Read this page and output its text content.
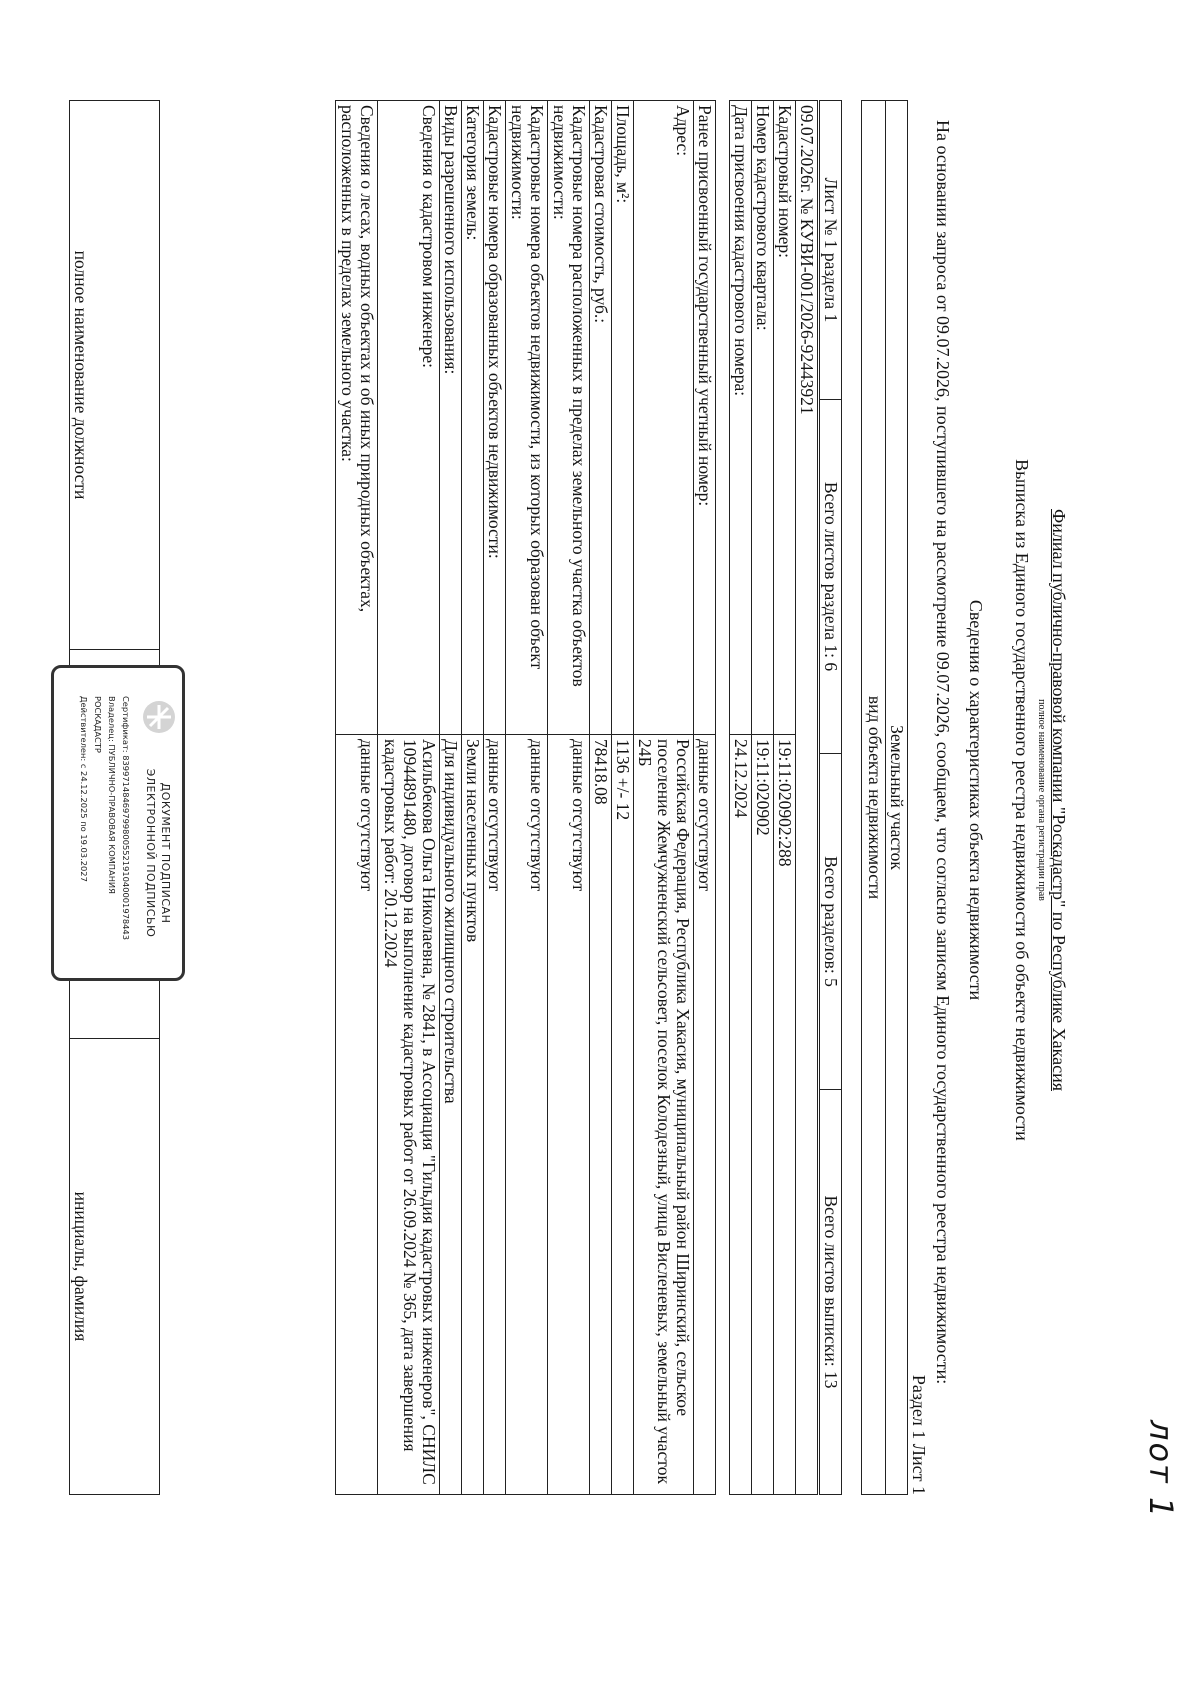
лот 1
Филиал публично-правовой компании "Роскадастр" по Республике Хакасия
полное наименование органа регистрации прав
Выписка из Единого государственного реестра недвижимости об объекте недвижимости
Сведения о характеристиках объекта недвижимости
На основании запроса от 09.07.2026, поступившего на рассмотрение 09.07.2026, сообщаем, что согласно записям Единого государственного реестра недвижимости:
Раздел 1 Лист 1
Земельный участок
вид объекта недвижимости
Лист № 1 раздела 1	Всего листов раздела 1: 6	Всего разделов: 5	Всего листов выписки: 13
09.07.2026г. № КУВИ-001/2026-92443921	
Кадастровый номер:	19:11:020902:288
Номер кадастрового квартала:	19:11:020902
Дата присвоения кадастрового номера:	24.12.2024
Ранее присвоенный государственный учетный номер:	данные отсутствуют
Адрес:	Российская Федерация, Республика Хакасия, муниципальный район Ширинский, сельское поселение Жемчужненский сельсовет, поселок Колодезный, улица Висленевых, земельный участок 24Б
Площадь, м²:	1136 +/- 12
Кадастровая стоимость, руб.:	78418.08
Кадастровые номера расположенных в пределах земельного участка объектов недвижимости:	данные отсутствуют
Кадастровые номера объектов недвижимости, из которых образован объект недвижимости:	данные отсутствуют
Кадастровые номера образованных объектов недвижимости:	данные отсутствуют
Категория земель:	Земли населенных пунктов
Виды разрешенного использования:	Для индивидуального жилищного строительства
Сведения о кадастровом инженере:	Асильбекова Ольга Николаевна, № 2841, в Ассоциация "Гильдия кадастровых инженеров", СНИЛС 10944891480, договор на выполнение кадастровых работ от 26.09.2024 № 365, дата завершения кадастровых работ: 20.12.2024
Сведения о лесах, водных объектах и об иных природных объектах, расположенных в пределах земельного участка:	данные отсутствуют
полное наименование должности		инициалы, фамилия
ДОКУМЕНТ ПОДПИСАН
ЭЛЕКТРОННОЙ ПОДПИСЬЮ
Сертификат: 83997148469799800552191040001978443
Владелец: ПУБЛИЧНО-ПРАВОВАЯ КОМПАНИЯ
РОСКАДАСТР
Действителен: с 24.12.2025 по 19.03.2027
